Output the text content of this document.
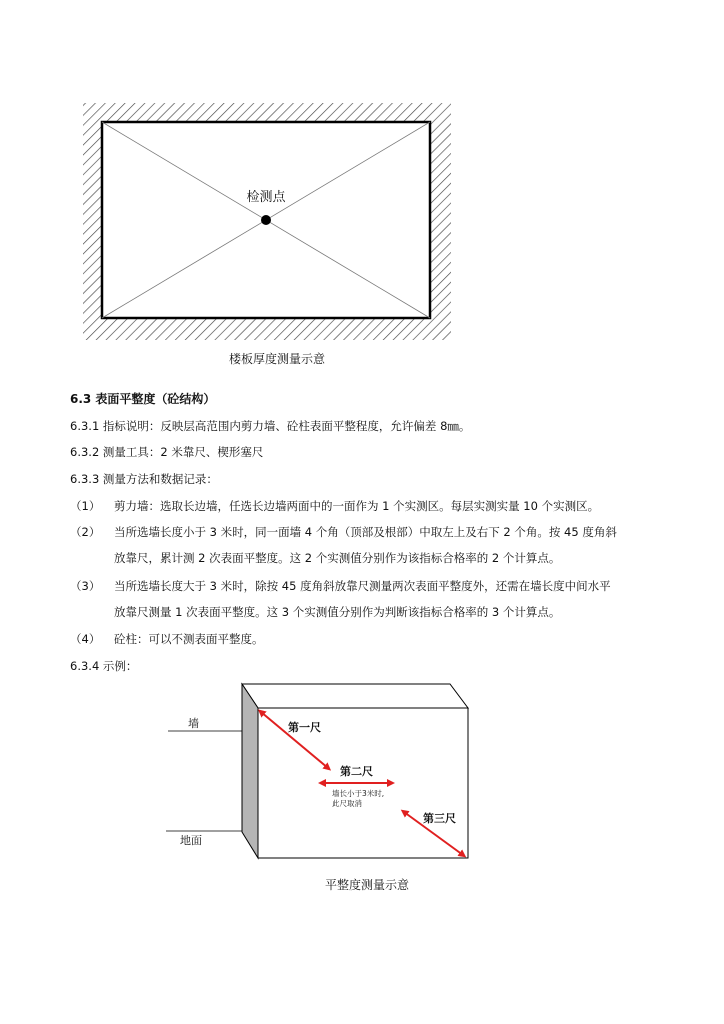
检测点
楼板厚度测量示意
6.3 表面平整度（砼结构）
6.3.1 指标说明：反映层高范围内剪力墙、砼柱表面平整程度，允许偏差 8㎜。
6.3.2 测量工具：2 米靠尺、楔形塞尺
6.3.3 测量方法和数据记录：
（1） 剪力墙：选取长边墙，任选长边墙两面中的一面作为 1 个实测区。每层实测实量 10 个实测区。
（2） 当所选墙长度小于 3 米时，同一面墙 4 个角（顶部及根部）中取左上及右下 2 个角。按 45 度角斜
放靠尺，累计测 2 次表面平整度。这 2 个实测值分别作为该指标合格率的 2 个计算点。
（3） 当所选墙长度大于 3 米时，除按 45 度角斜放靠尺测量两次表面平整度外，还需在墙长度中间水平
放靠尺测量 1 次表面平整度。这 3 个实测值分别作为判断该指标合格率的 3 个计算点。
（4） 砼柱：可以不测表面平整度。
6.3.4 示例：
墙
地面
第一尺
第二尺
墙长小于3米时,
此尺取消
第三尺
平整度测量示意
